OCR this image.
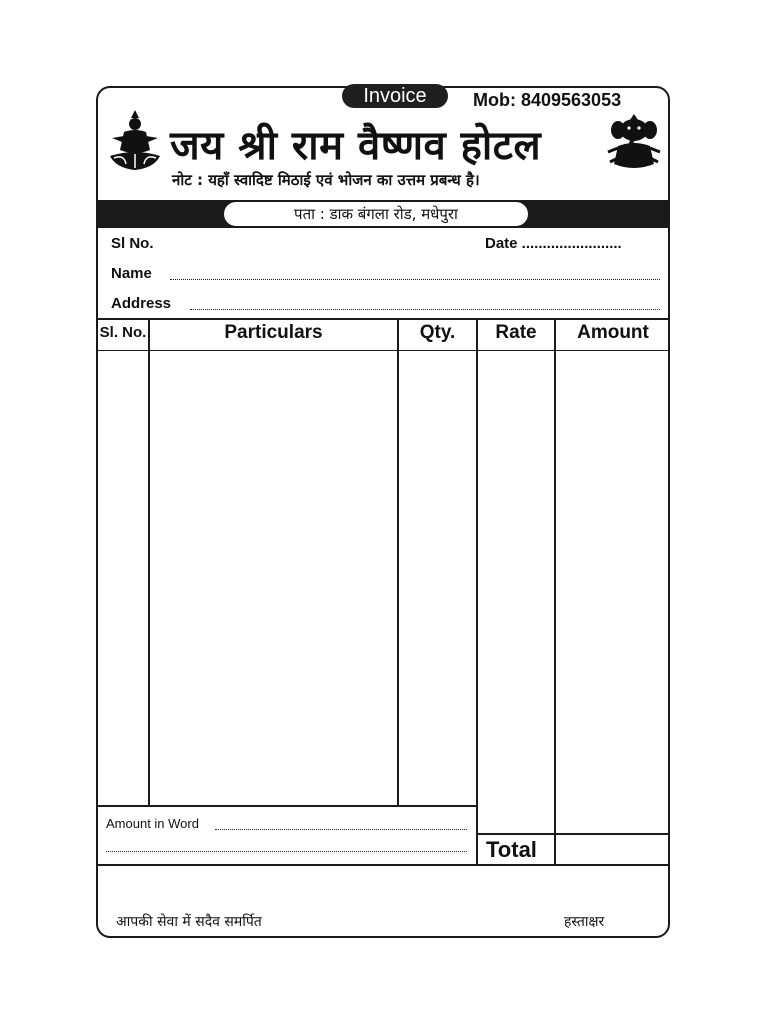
Invoice	Mob: 8409563053
जय श्री राम वैष्णव होटल
नोट : यहाँ स्वादिष्ट मिठाई एवं भोजन का उत्तम प्रबन्ध है।
पता : डाक बंगला रोड, मधेपुरा
Sl No.	Date ........................
Name
Address
Sl. No.	Particulars	Qty.	Rate	Amount
Amount in Word
Total
आपकी सेवा में सदैव समर्पित	हस्ताक्षर
